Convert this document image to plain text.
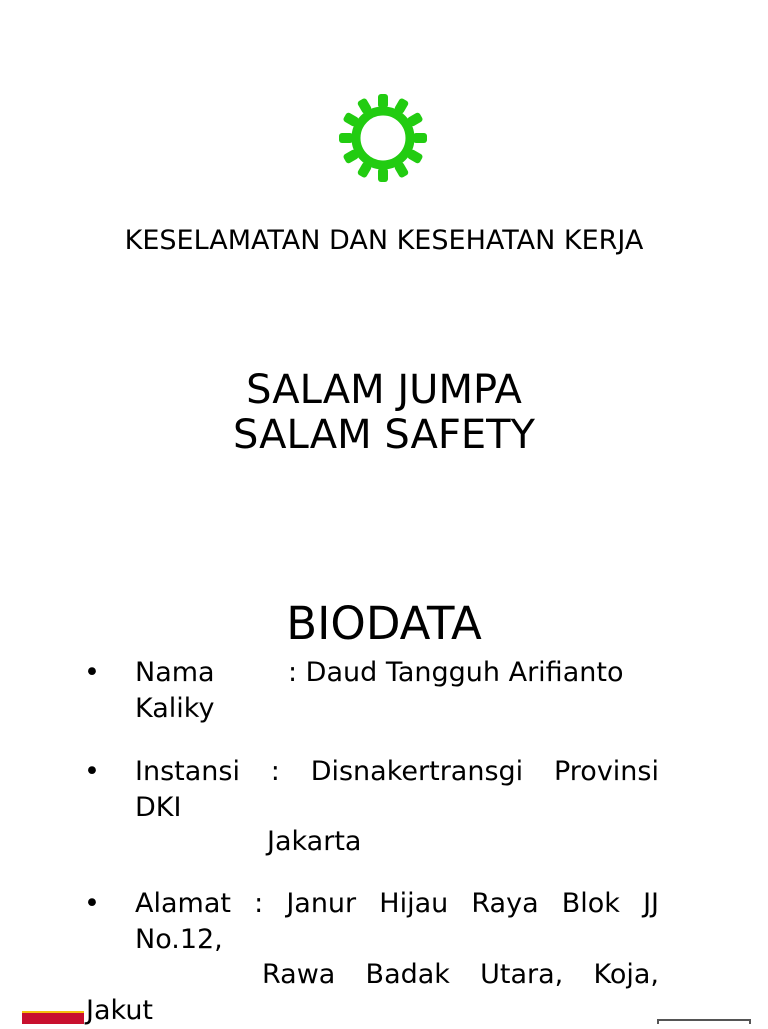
KESELAMATAN DAN KESEHATAN KERJA
SALAM JUMPA
SALAM SAFETY
BIODATA
• Nama	: Daud Tangguh Arifianto
Kaliky
• Instansi : Disnakertransgi Provinsi
DKI
Jakarta
• Alamat : Janur Hijau Raya Blok JJ
No.12,
Rawa Badak Utara, Koja,
Jakut
